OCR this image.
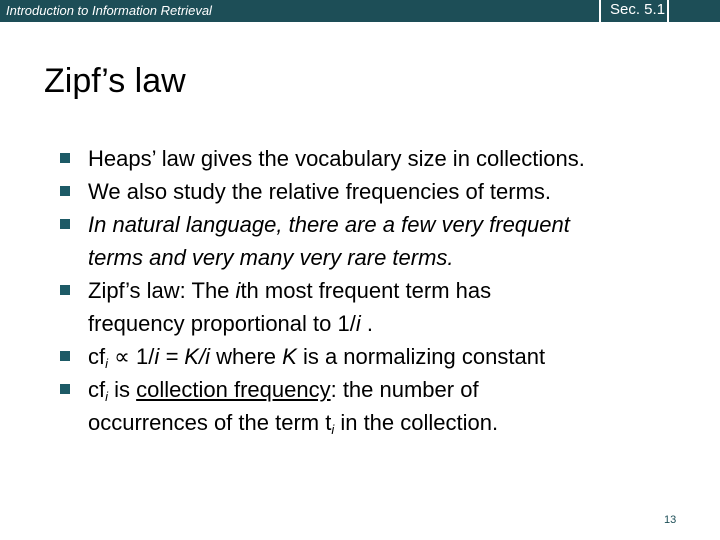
Introduction to Information Retrieval	Sec. 5.1
Zipf’s law
Heaps’ law gives the vocabulary size in collections.
We also study the relative frequencies of terms.
In natural language, there are a few very frequent
terms and very many very rare terms.
Zipf’s law: The ith most frequent term has
frequency proportional to 1/i .
$cf_i \propto 1/i = K/i$ where K is a normalizing constant
$cf_i$ is collection frequency: the number of
occurrences of the term $t_i$ in the collection.
13
